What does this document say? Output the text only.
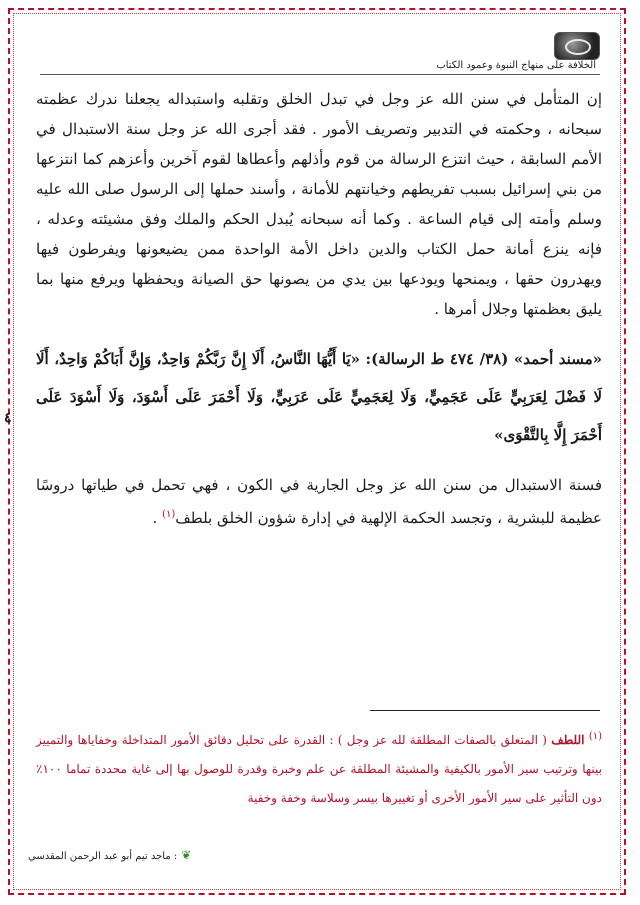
الخلافة على منهاج النبوة وعمود الكتاب

إن المتأمل في سنن الله عز وجل في تبدل الخلق وتقلبه واستبداله يجعلنا ندرك عظمته سبحانه ، وحكمته في التدبير وتصريف الأمور . فقد أجرى الله عز وجل سنة الاستبدال في الأمم السابقة ، حيث انتزع الرسالة من قوم وأذلهم وأعطاها لقوم آخرين وأعزهم كما انتزعها من بني إسرائيل بسبب تفريطهم وخيانتهم للأمانة ، وأسند حملها إلى الرسول صلى الله عليه وسلم وأمته إلى قيام الساعة . وكما أنه سبحانه يُبدل الحكم والملك وفق مشيئته وعدله ، فإنه ينزع أمانة حمل الكتاب والدين داخل الأمة الواحدة ممن يضيعونها ويفرطون فيها ويهدرون حقها ، ويمنحها ويودعها بين يدي من يصونها حق الصيانة ويحفظها ويرفع منها بما يليق بعظمتها وجلال أمرها .

«مسند أحمد» (٣٨/ ٤٧٤ ط الرسالة): «يَا أَيُّهَا النَّاسُ، أَلَا إِنَّ رَبَّكُمْ وَاحِدٌ، وَإِنَّ أَبَاكُمْ وَاحِدٌ، أَلَا لَا فَضْلَ لِعَرَبِيٍّ عَلَى عَجَمِيٍّ، وَلَا لِعَجَمِيٍّ عَلَى عَرَبِيٍّ، وَلَا أَحْمَرَ عَلَى أَسْوَدَ، وَلَا أَسْوَدَ عَلَى أَحْمَرَ إِلَّا بِالتَّقْوَى»

فسنة الاستبدال من سنن الله عز وجل الجارية في الكون ، فهي تحمل في طياتها دروسًا عظيمة للبشرية ، وتجسد الحكمة الإلهية في إدارة شؤون الخلق بلطف$^{(١)}$ .

٤
$^{(١)}$ اللطف ( المتعلق بالصفات المطلقة لله عز وجل ) : القدرة على تحليل دقائق الأمور المتداخلة وخفاياها والتمييز بينها وترتيب سير الأمور بالكيفية والمشيئة المطلقة عن علم وخبرة وقدرة للوصول بها إلى غاية محددة تماما ١٠٠٪ دون التأثير على سير الأمور الأخرى أو تغييرها بيسر وسلاسة وخفة وخفية
❦: ماجد تيم أبو عبد الرحمن المقدسي
